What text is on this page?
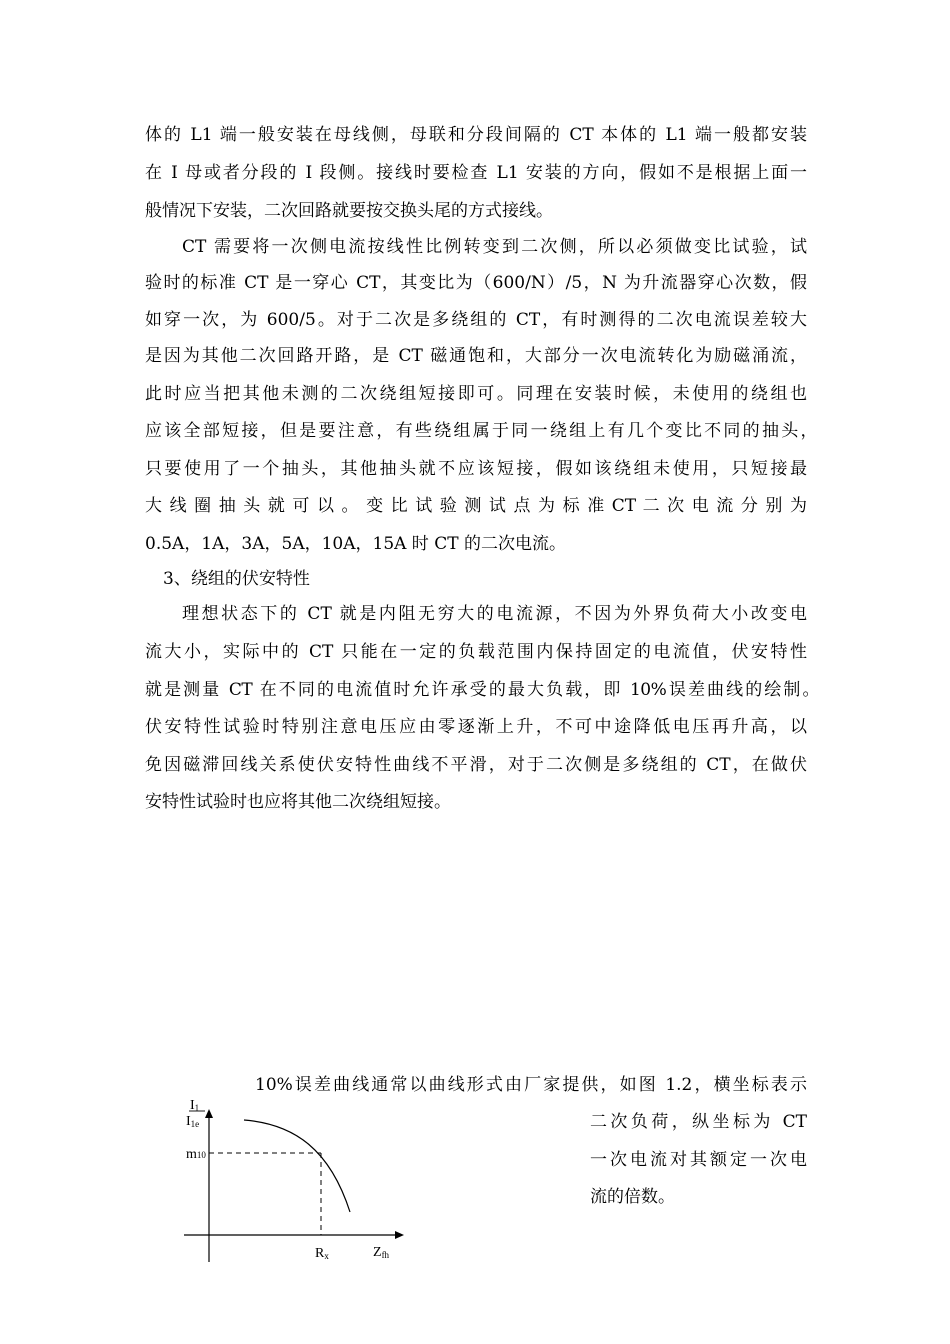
体的 L1 端一般安装在母线侧，母联和分段间隔的 CT 本体的 L1 端一般都安装
在 I 母或者分段的 I 段侧。接线时要检查 L1 安装的方向，假如不是根据上面一
般情况下安装，二次回路就要按交换头尾的方式接线。
CT 需要将一次侧电流按线性比例转变到二次侧，所以必须做变比试验，试
验时的标准 CT 是一穿心 CT，其变比为（600/N）/5，N 为升流器穿心次数，假
如穿一次，为 600/5。对于二次是多绕组的 CT，有时测得的二次电流误差较大
是因为其他二次回路开路，是 CT 磁通饱和，大部分一次电流转化为励磁涌流，
此时应当把其他未测的二次绕组短接即可。同理在安装时候，未使用的绕组也
应该全部短接，但是要注意，有些绕组属于同一绕组上有几个变比不同的抽头，
只要使用了一个抽头，其他抽头就不应该短接，假如该绕组未使用，只短接最
大 线 圈 抽 头 就 可 以 。 变 比 试 验 测 试 点 为 标 准 CT 二 次 电 流 分 别 为
0.5A，1A，3A，5A，10A，15A 时 CT 的二次电流。
3、绕组的伏安特性
理想状态下的 CT 就是内阻无穷大的电流源，不因为外界负荷大小改变电
流大小，实际中的 CT 只能在一定的负载范围内保持固定的电流值，伏安特性
就是测量 CT 在不同的电流值时允许承受的最大负载，即 10%误差曲线的绘制。
伏安特性试验时特别注意电压应由零逐渐上升，不可中途降低电压再升高，以
免因磁滞回线关系使伏安特性曲线不平滑，对于二次侧是多绕组的 CT，在做伏
安特性试验时也应将其他二次绕组短接。
10%误差曲线通常以曲线形式由厂家提供，如图 1.2，横坐标表示
二次负荷，纵坐标为 CT
一次电流对其额定一次电
流的倍数。
I1
I1e
m10
Rx	Zfh
